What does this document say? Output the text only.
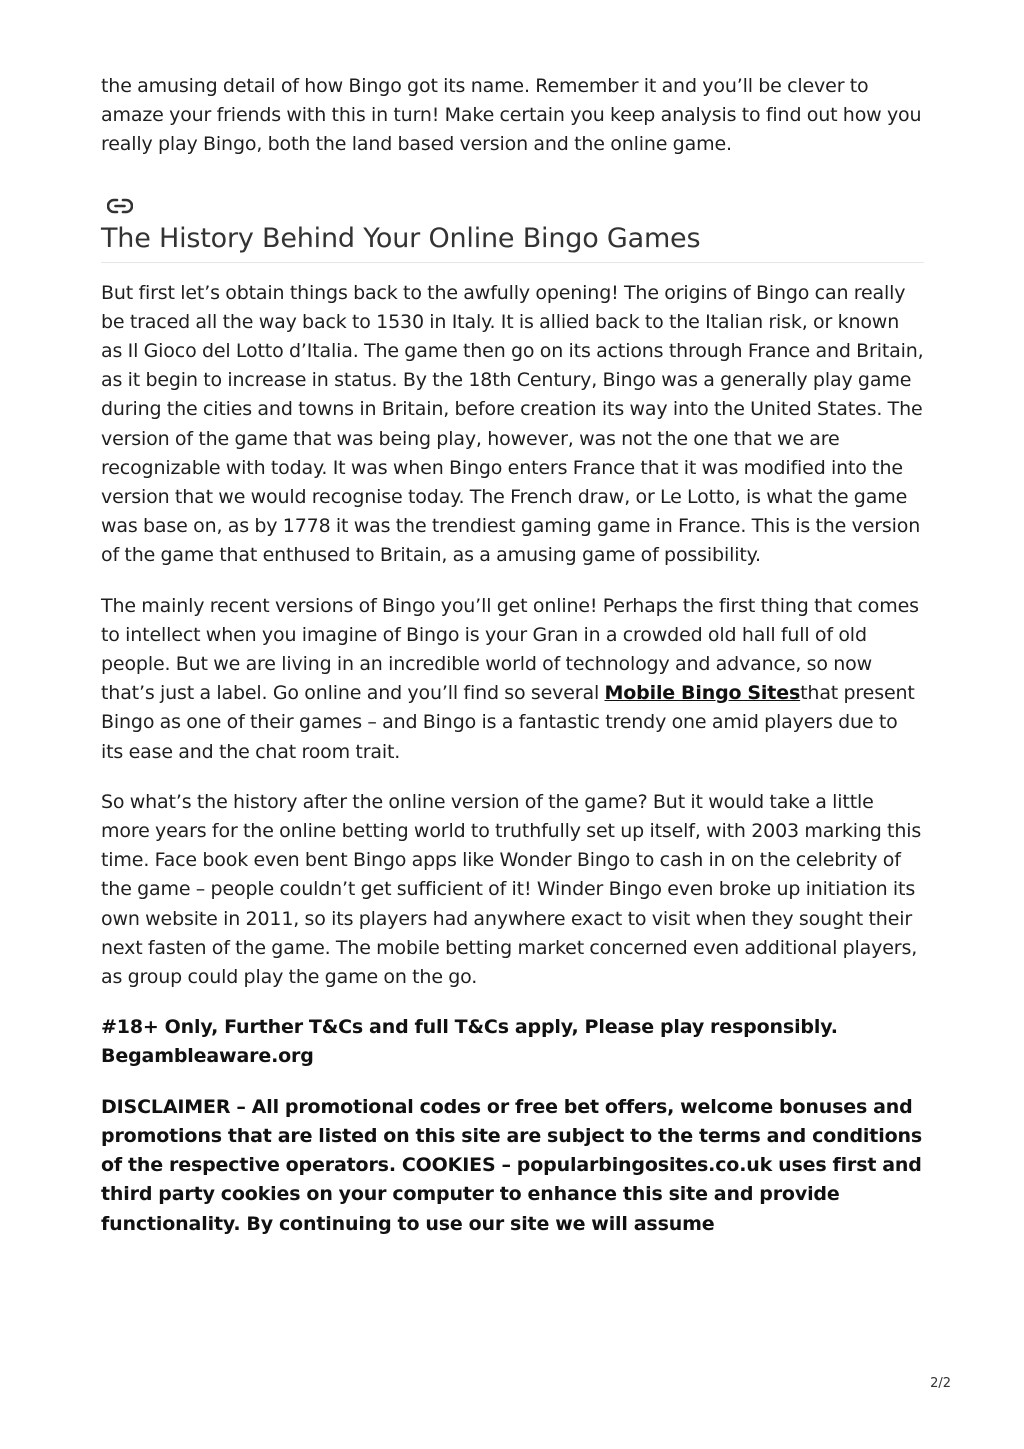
the amusing detail of how Bingo got its name. Remember it and you’ll be clever to amaze your friends with this in turn! Make certain you keep analysis to find out how you really play Bingo, both the land based version and the online game.

The History Behind Your Online Bingo Games

But first let’s obtain things back to the awfully opening! The origins of Bingo can really be traced all the way back to 1530 in Italy. It is allied back to the Italian risk, or known as Il Gioco del Lotto d’Italia. The game then go on its actions through France and Britain, as it begin to increase in status. By the 18th Century, Bingo was a generally play game during the cities and towns in Britain, before creation its way into the United States. The version of the game that was being play, however, was not the one that we are recognizable with today. It was when Bingo enters France that it was modified into the version that we would recognise today. The French draw, or Le Lotto, is what the game was base on, as by 1778 it was the trendiest gaming game in France. This is the version of the game that enthused to Britain, as a amusing game of possibility.

The mainly recent versions of Bingo you’ll get online! Perhaps the first thing that comes to intellect when you imagine of Bingo is your Gran in a crowded old hall full of old people. But we are living in an incredible world of technology and advance, so now that’s just a label. Go online and you’ll find so several Mobile Bingo Sitesthat present Bingo as one of their games – and Bingo is a fantastic trendy one amid players due to its ease and the chat room trait.

So what’s the history after the online version of the game? But it would take a little more years for the online betting world to truthfully set up itself, with 2003 marking this time. Face book even bent Bingo apps like Wonder Bingo to cash in on the celebrity of the game – people couldn’t get sufficient of it! Winder Bingo even broke up initiation its own website in 2011, so its players had anywhere exact to visit when they sought their next fasten of the game. The mobile betting market concerned even additional players, as group could play the game on the go.

#18+ Only, Further T&Cs and full T&Cs apply, Please play responsibly. Begambleaware.org

DISCLAIMER – All promotional codes or free bet offers, welcome bonuses and promotions that are listed on this site are subject to the terms and conditions of the respective operators. COOKIES – popularbingosites.co.uk uses first and third party cookies on your computer to enhance this site and provide functionality. By continuing to use our site we will assume

2/2
